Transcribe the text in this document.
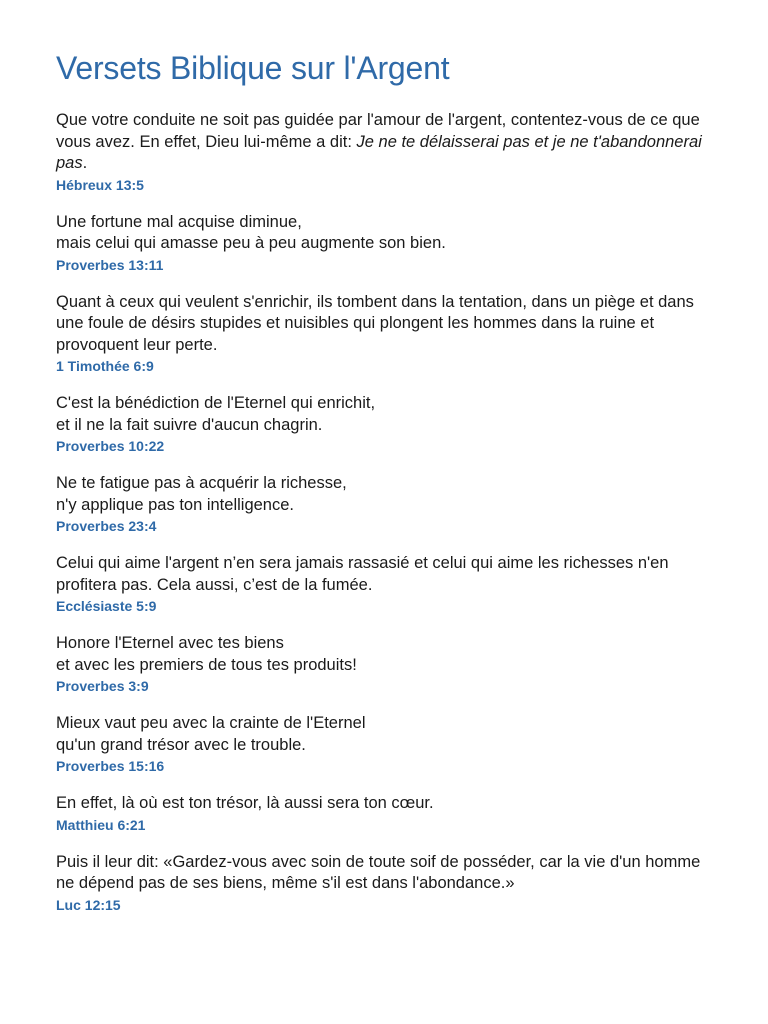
Versets Biblique sur l'Argent

Que votre conduite ne soit pas guidée par l'amour de l'argent, contentez-vous de ce que vous avez. En effet, Dieu lui-même a dit: Je ne te délaisserai pas et je ne t'abandonnerai pas.

Hébreux 13:5

Une fortune mal acquise diminue,
mais celui qui amasse peu à peu augmente son bien.

Proverbes 13:11

Quant à ceux qui veulent s'enrichir, ils tombent dans la tentation, dans un piège et dans une foule de désirs stupides et nuisibles qui plongent les hommes dans la ruine et provoquent leur perte.

1 Timothée 6:9

C'est la bénédiction de l'Eternel qui enrichit,
et il ne la fait suivre d'aucun chagrin.

Proverbes 10:22

Ne te fatigue pas à acquérir la richesse,
n'y applique pas ton intelligence.

Proverbes 23:4

Celui qui aime l'argent n’en sera jamais rassasié et celui qui aime les richesses n'en profitera pas. Cela aussi, c’est de la fumée.

Ecclésiaste 5:9

Honore l'Eternel avec tes biens
et avec les premiers de tous tes produits!

Proverbes 3:9

Mieux vaut peu avec la crainte de l'Eternel
qu'un grand trésor avec le trouble.

Proverbes 15:16

En effet, là où est ton trésor, là aussi sera ton cœur.

Matthieu 6:21

Puis il leur dit: «Gardez-vous avec soin de toute soif de posséder, car la vie d'un homme ne dépend pas de ses biens, même s'il est dans l'abondance.»

Luc 12:15
